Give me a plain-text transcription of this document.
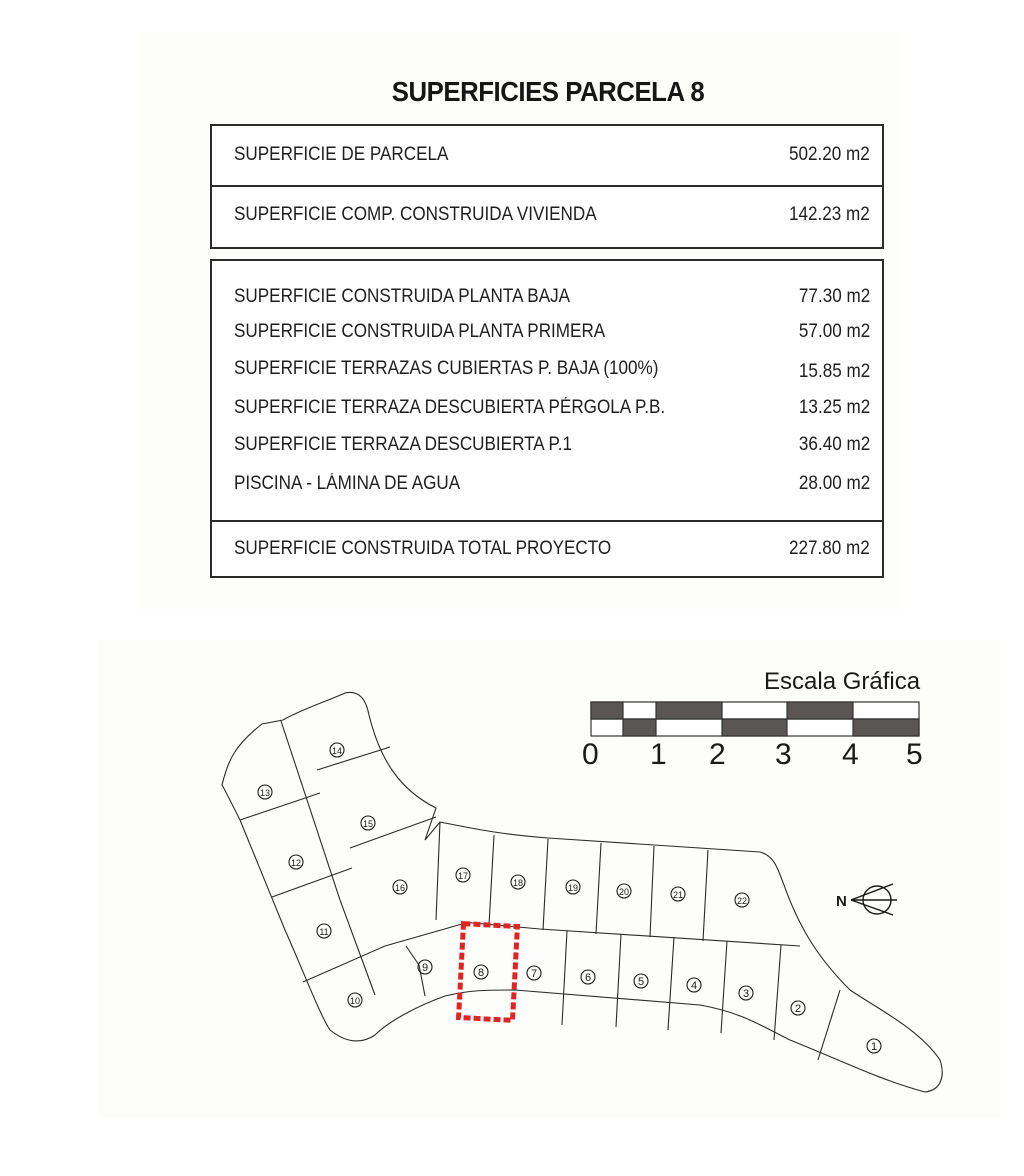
SUPERFICIES PARCELA 8
SUPERFICIE DE PARCELA	502.20 m2
SUPERFICIE COMP. CONSTRUIDA VIVIENDA	142.23 m2
SUPERFICIE CONSTRUIDA PLANTA BAJA	77.30 m2
SUPERFICIE CONSTRUIDA PLANTA PRIMERA	57.00 m2
SUPERFICIE TERRAZAS CUBIERTAS P. BAJA (100%)	15.85 m2
SUPERFICIE TERRAZA DESCUBIERTA PÉRGOLA P.B.	13.25 m2
SUPERFICIE TERRAZA DESCUBIERTA P.1	36.40 m2
PISCINA - LÁMINA DE AGUA	28.00 m2
SUPERFICIE CONSTRUIDA TOTAL PROYECTO	227.80 m2
Escala Gráfica
1
2
3
4
5
6
7
8
9
10
11
12
13
14
15
16
17
18	19	20	21
22	N
0 1 2 3 4 5
